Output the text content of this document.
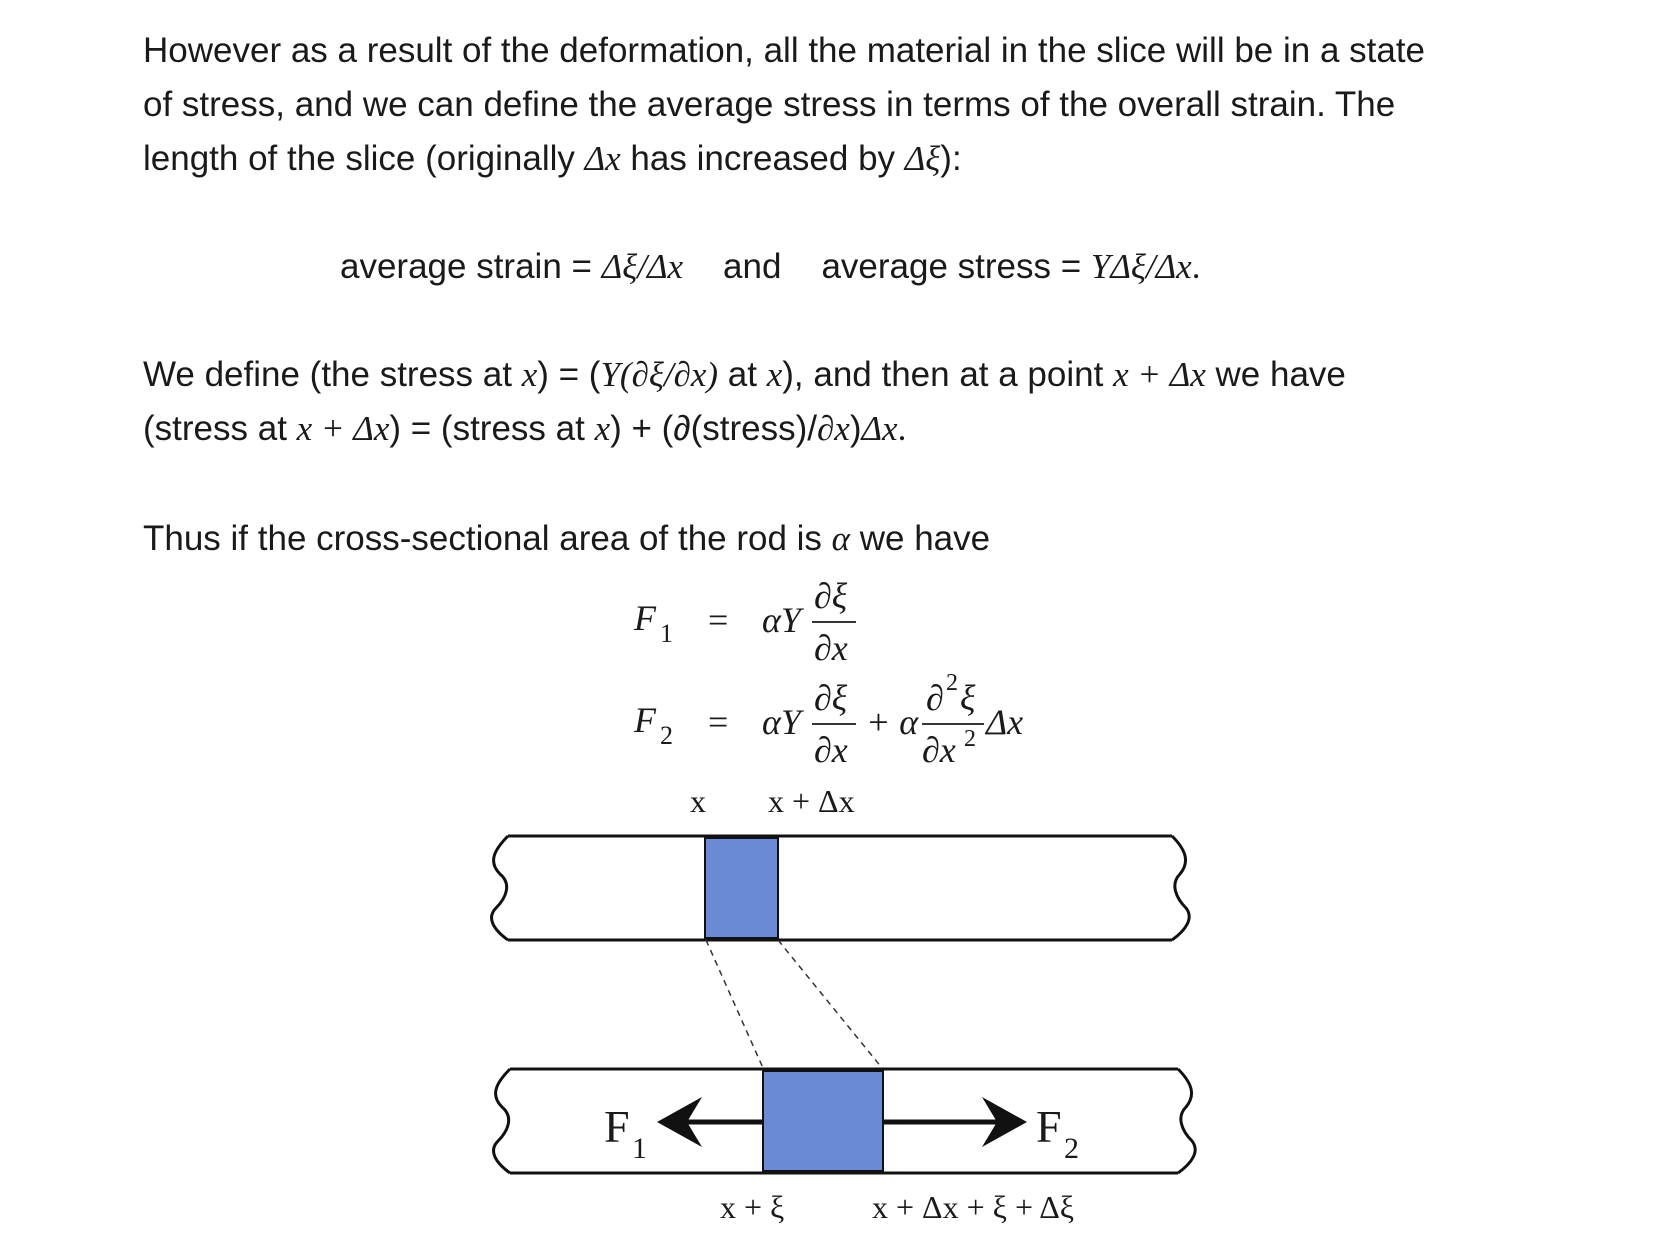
However as a result of the deformation, all the material in the slice will be in a state
of stress, and we can define the average stress in terms of the overall strain. The
length of the slice (originally Δx has increased by Δξ):
average strain = Δξ/Δx and average stress = YΔξ/Δx.
We define (the stress at x) = (Y(∂ξ/∂x) at x), and then at a point x + Δx we have
(stress at x + Δx) = (stress at x) + (∂(stress)/∂x)Δx.
Thus if the cross-sectional area of the rod is α we have
F 1 = αY
∂ξ
∂x
F 2 = αY
∂ξ
∂x
+ α
∂ 2 ξ
∂x 2 Δx
x x + Δx
F 1	F 2
x + ξ	x + Δx + ξ + Δξ
